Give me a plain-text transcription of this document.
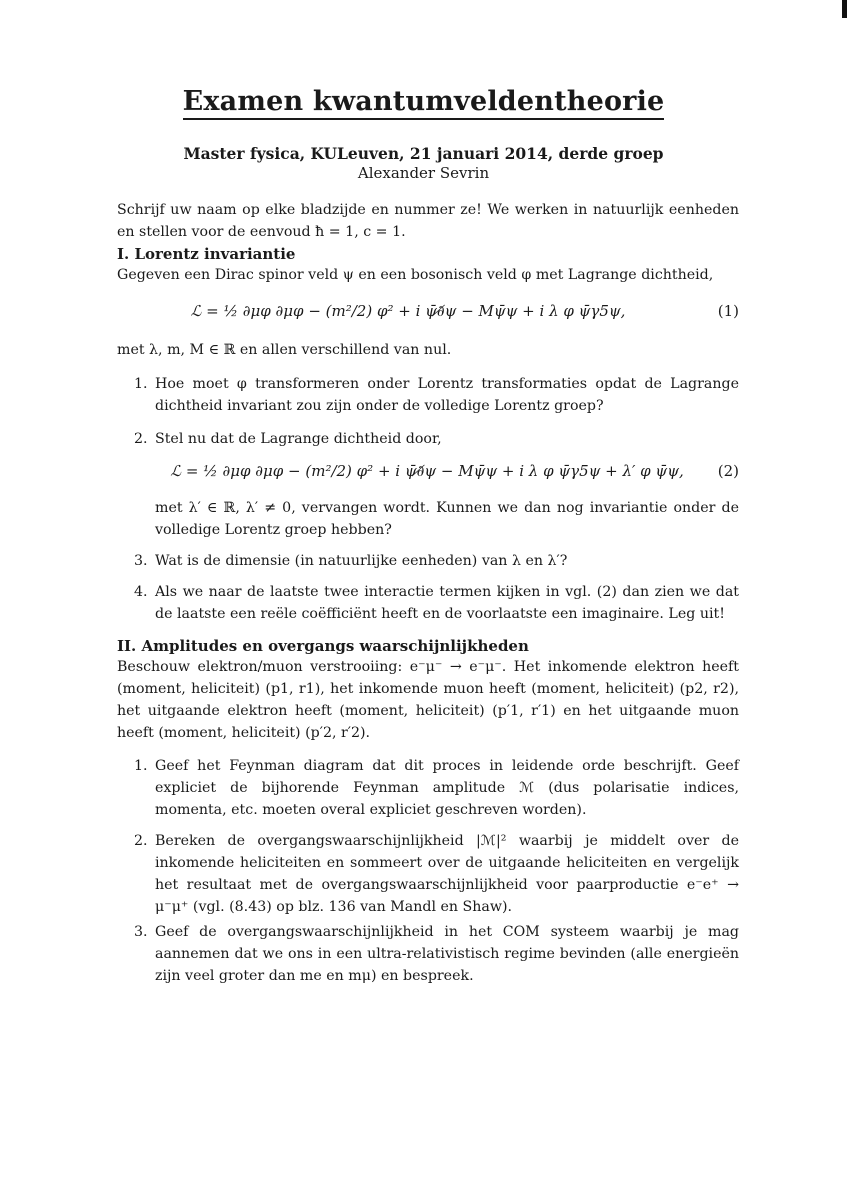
Examen kwantumveldentheorie
Master fysica, KULeuven, 21 januari 2014, derde groep
Alexander Sevrin
Schrijf uw naam op elke bladzijde en nummer ze! We werken in natuurlijk eenheden en stellen voor de eenvoud ħ = 1, c = 1.
I. Lorentz invariantie
Gegeven een Dirac spinor veld ψ en een bosonisch veld φ met Lagrange dichtheid,
ℒ = ½ ∂μφ ∂μφ − (m²/2) φ² + i ψ̄∂̸ψ − Mψ̄ψ + i λ φ ψ̄γ5ψ,	(1)
met λ, m, M ∈ ℝ en allen verschillend van nul.
1. Hoe moet φ transformeren onder Lorentz transformaties opdat de Lagrange dichtheid invariant zou zijn onder de volledige Lorentz groep?
2. Stel nu dat de Lagrange dichtheid door,
ℒ = ½ ∂μφ ∂μφ − (m²/2) φ² + i ψ̄∂̸ψ − Mψ̄ψ + i λ φ ψ̄γ5ψ + λ′ φ ψ̄ψ,	(2)
met λ′ ∈ ℝ, λ′ ≠ 0, vervangen wordt. Kunnen we dan nog invariantie onder de volledige Lorentz groep hebben?
3. Wat is de dimensie (in natuurlijke eenheden) van λ en λ′?
4. Als we naar de laatste twee interactie termen kijken in vgl. (2) dan zien we dat de laatste een reële coëfficiënt heeft en de voorlaatste een imaginaire. Leg uit!
II. Amplitudes en overgangs waarschijnlijkheden
Beschouw elektron/muon verstrooiing: e⁻μ⁻ → e⁻μ⁻. Het inkomende elektron heeft (moment, heliciteit) (p1, r1), het inkomende muon heeft (moment, heliciteit) (p2, r2), het uitgaande elektron heeft (moment, heliciteit) (p′1, r′1) en het uitgaande muon heeft (moment, heliciteit) (p′2, r′2).
1. Geef het Feynman diagram dat dit proces in leidende orde beschrijft. Geef expliciet de bijhorende Feynman amplitude ℳ (dus polarisatie indices, momenta, etc. moeten overal expliciet geschreven worden).
2. Bereken de overgangswaarschijnlijkheid |ℳ|² waarbij je middelt over de inkomende heliciteiten en sommeert over de uitgaande heliciteiten en vergelijk het resultaat met de overgangswaarschijnlijkheid voor paarproductie e⁻e⁺ → μ⁻μ⁺ (vgl. (8.43) op blz. 136 van Mandl en Shaw).
3. Geef de overgangswaarschijnlijkheid in het COM systeem waarbij je mag aannemen dat we ons in een ultra-relativistisch regime bevinden (alle energieën zijn veel groter dan me en mμ) en bespreek.
